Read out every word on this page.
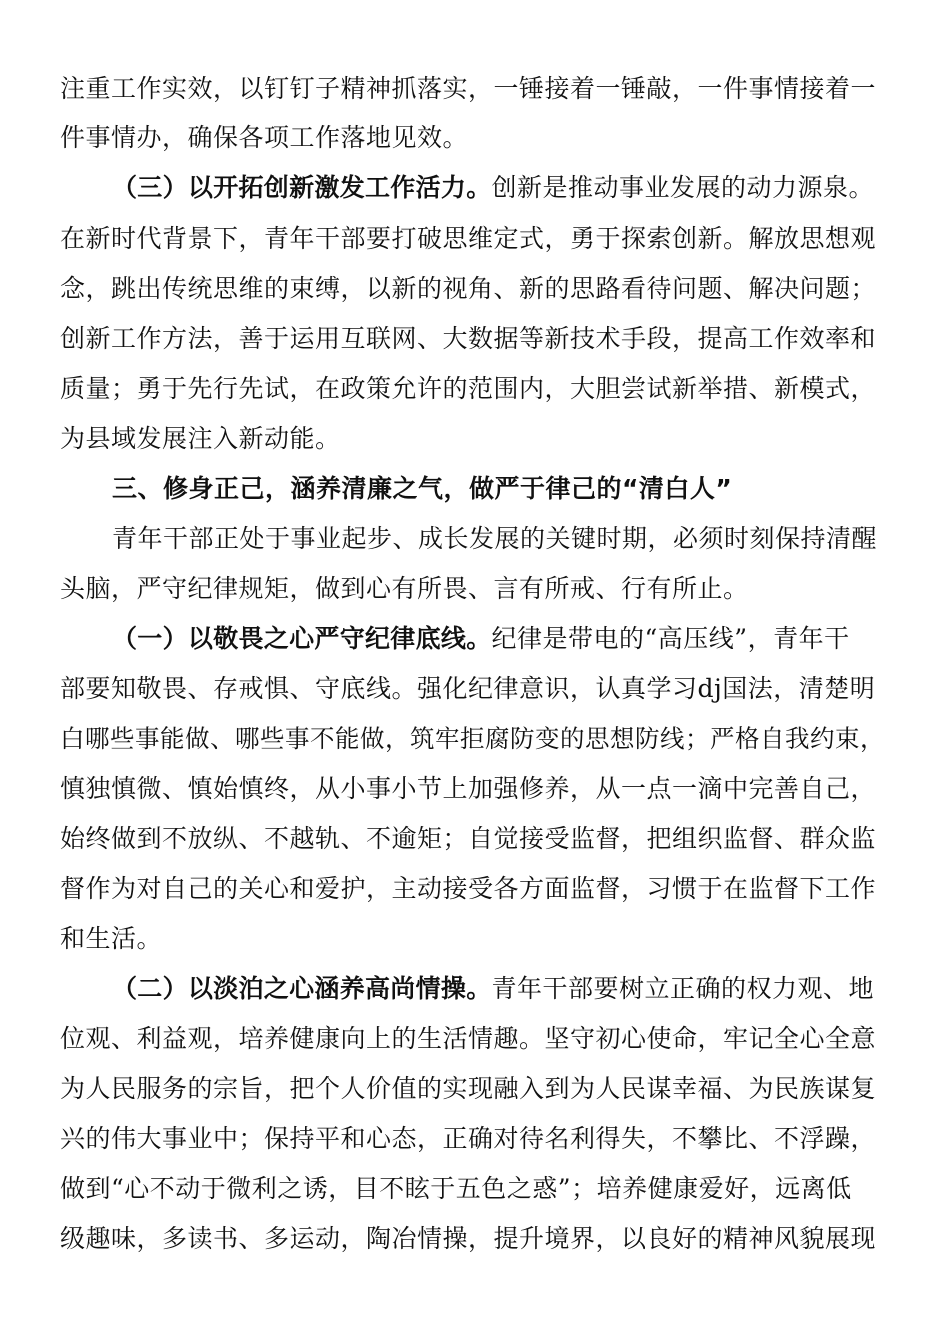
注重工作实效，以钉钉子精神抓落实，一锤接着一锤敲，一件事情接着一
件事情办，确保各项工作落地见效。
（三）以开拓创新激发工作活力。创新是推动事业发展的动力源泉。
在新时代背景下，青年干部要打破思维定式，勇于探索创新。解放思想观
念，跳出传统思维的束缚，以新的视角、新的思路看待问题、解决问题；
创新工作方法，善于运用互联网、大数据等新技术手段，提高工作效率和
质量；勇于先行先试，在政策允许的范围内，大胆尝试新举措、新模式，
为县域发展注入新动能。
三、修身正己，涵养清廉之气，做严于律己的“清白人”
青年干部正处于事业起步、成长发展的关键时期，必须时刻保持清醒
头脑，严守纪律规矩，做到心有所畏、言有所戒、行有所止。
（一）以敬畏之心严守纪律底线。纪律是带电的“高压线”，青年干
部要知敬畏、存戒惧、守底线。强化纪律意识，认真学习dj国法，清楚明
白哪些事能做、哪些事不能做，筑牢拒腐防变的思想防线；严格自我约束，
慎独慎微、慎始慎终，从小事小节上加强修养，从一点一滴中完善自己，
始终做到不放纵、不越轨、不逾矩；自觉接受监督，把组织监督、群众监
督作为对自己的关心和爱护，主动接受各方面监督，习惯于在监督下工作
和生活。
（二）以淡泊之心涵养高尚情操。青年干部要树立正确的权力观、地
位观、利益观，培养健康向上的生活情趣。坚守初心使命，牢记全心全意
为人民服务的宗旨，把个人价值的实现融入到为人民谋幸福、为民族谋复
兴的伟大事业中；保持平和心态，正确对待名利得失，不攀比、不浮躁，
做到“心不动于微利之诱，目不眩于五色之惑”；培养健康爱好，远离低
级趣味，多读书、多运动，陶冶情操，提升境界，以良好的精神风貌展现
